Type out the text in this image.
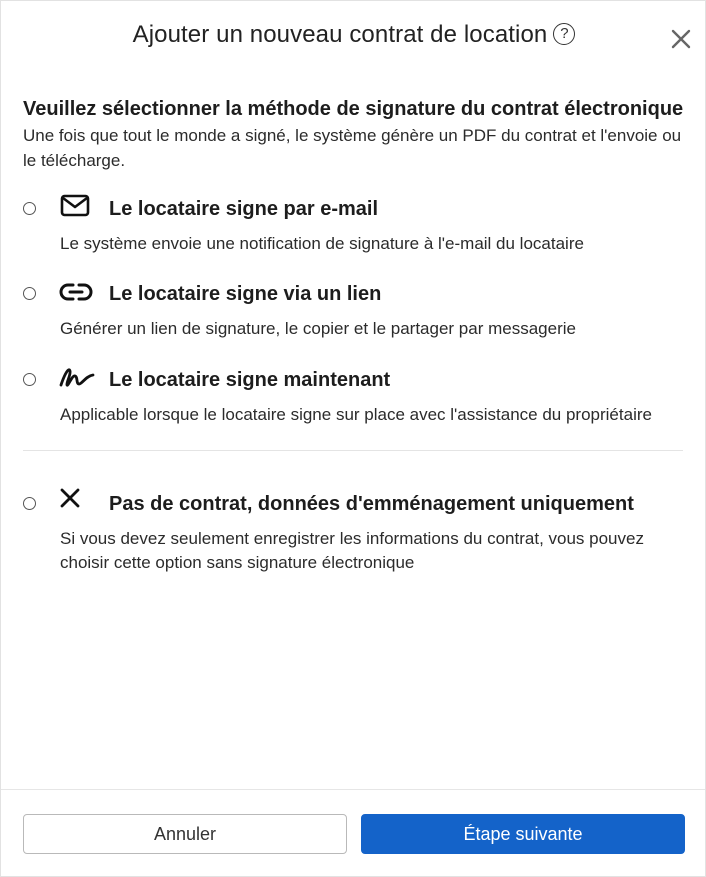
Ajouter un nouveau contrat de location ?
Veuillez sélectionner la méthode de signature du contrat électronique
Une fois que tout le monde a signé, le système génère un PDF du contrat et l'envoie ou le télécharge.
Le locataire signe par e-mail
Le système envoie une notification de signature à l'e-mail du locataire
Le locataire signe via un lien
Générer un lien de signature, le copier et le partager par messagerie
Le locataire signe maintenant
Applicable lorsque le locataire signe sur place avec l'assistance du propriétaire
Pas de contrat, données d'emménagement uniquement
Si vous devez seulement enregistrer les informations du contrat, vous pouvez choisir cette option sans signature électronique
Annuler	Étape suivante
